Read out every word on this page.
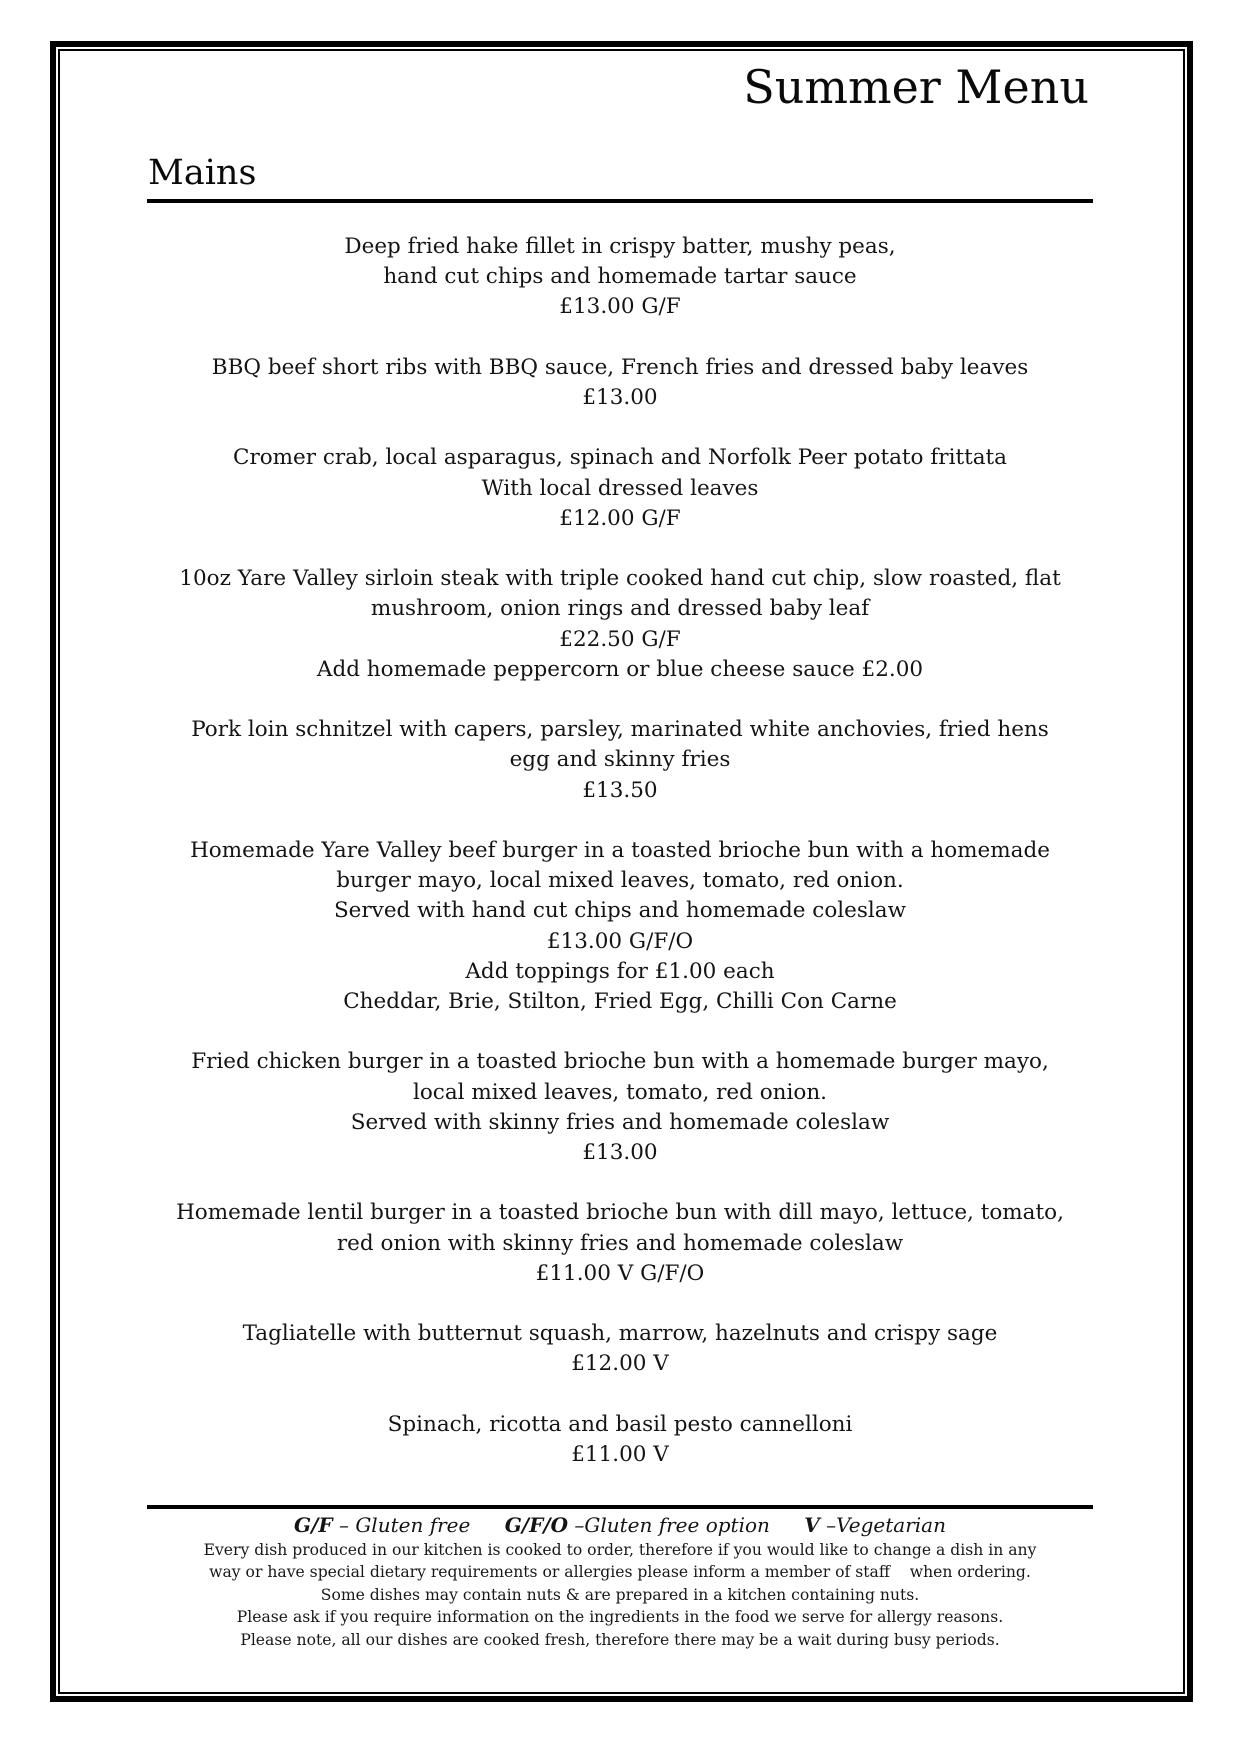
Summer Menu
Mains
Deep fried hake fillet in crispy batter, mushy peas,
hand cut chips and homemade tartar sauce
£13.00 G/F
BBQ beef short ribs with BBQ sauce, French fries and dressed baby leaves
£13.00
Cromer crab, local asparagus, spinach and Norfolk Peer potato frittata
With local dressed leaves
£12.00 G/F
10oz Yare Valley sirloin steak with triple cooked hand cut chip, slow roasted, flat
mushroom, onion rings and dressed baby leaf
£22.50 G/F
Add homemade peppercorn or blue cheese sauce £2.00
Pork loin schnitzel with capers, parsley, marinated white anchovies, fried hens
egg and skinny fries
£13.50
Homemade Yare Valley beef burger in a toasted brioche bun with a homemade
burger mayo, local mixed leaves, tomato, red onion.
Served with hand cut chips and homemade coleslaw
£13.00 G/F/O
Add toppings for £1.00 each
Cheddar, Brie, Stilton, Fried Egg, Chilli Con Carne
Fried chicken burger in a toasted brioche bun with a homemade burger mayo,
local mixed leaves, tomato, red onion.
Served with skinny fries and homemade coleslaw
£13.00
Homemade lentil burger in a toasted brioche bun with dill mayo, lettuce, tomato,
red onion with skinny fries and homemade coleslaw
£11.00 V G/F/O
Tagliatelle with butternut squash, marrow, hazelnuts and crispy sage
£12.00 V
Spinach, ricotta and basil pesto cannelloni
£11.00 V
G/F – Gluten free G/F/O –Gluten free option V –Vegetarian
Every dish produced in our kitchen is cooked to order, therefore if you would like to change a dish in any
way or have special dietary requirements or allergies please inform a member of staff    when ordering.
Some dishes may contain nuts & are prepared in a kitchen containing nuts.
Please ask if you require information on the ingredients in the food we serve for allergy reasons.
Please note, all our dishes are cooked fresh, therefore there may be a wait during busy periods.
